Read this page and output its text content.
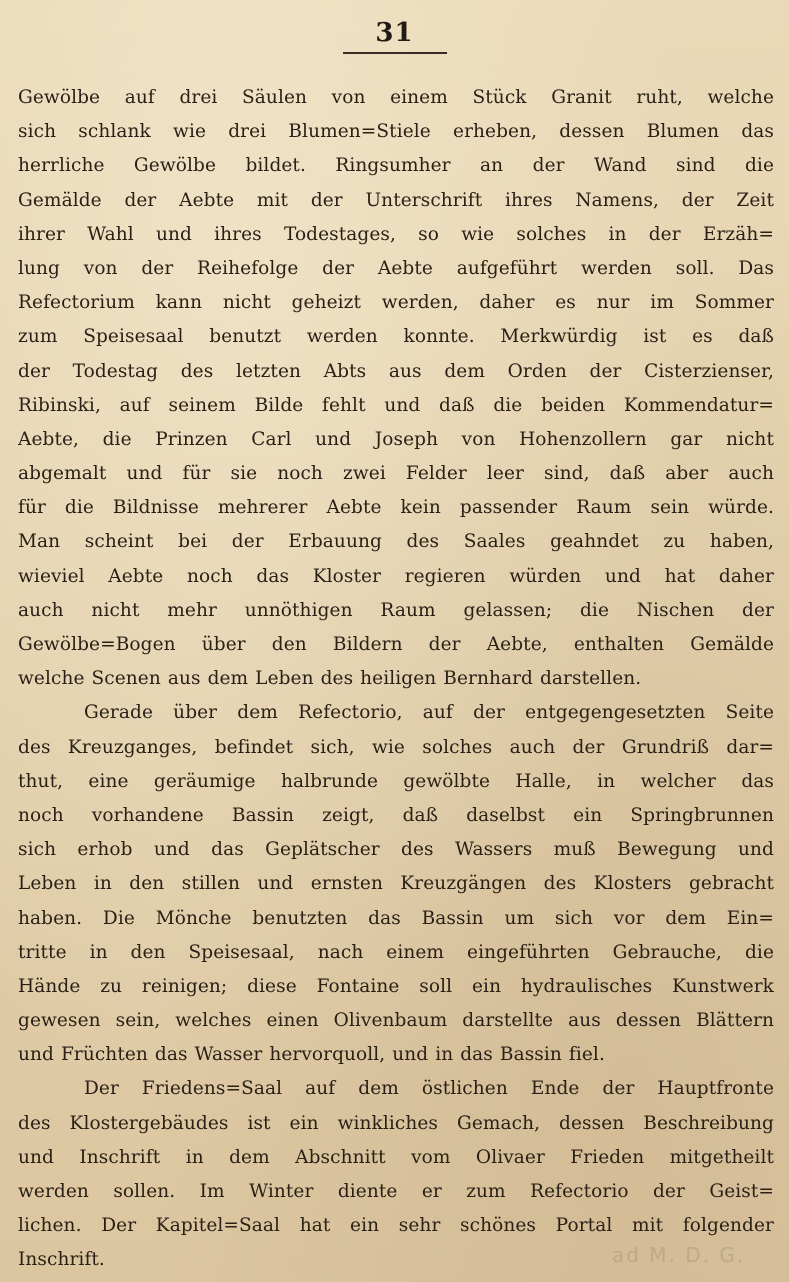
31
Gewölbe auf drei Säulen von einem Stück Granit ruht, welche
sich schlank wie drei Blumen=Stiele erheben, dessen Blumen das
herrliche Gewölbe bildet. Ringsumher an der Wand sind die
Gemälde der Aebte mit der Unterschrift ihres Namens, der Zeit
ihrer Wahl und ihres Todestages, so wie solches in der Erzäh=
lung von der Reihefolge der Aebte aufgeführt werden soll. Das
Refectorium kann nicht geheizt werden, daher es nur im Sommer
zum Speisesaal benutzt werden konnte. Merkwürdig ist es daß
der Todestag des letzten Abts aus dem Orden der Cisterzienser,
Ribinski, auf seinem Bilde fehlt und daß die beiden Kommendatur=
Aebte, die Prinzen Carl und Joseph von Hohenzollern gar nicht
abgemalt und für sie noch zwei Felder leer sind, daß aber auch
für die Bildnisse mehrerer Aebte kein passender Raum sein würde.
Man scheint bei der Erbauung des Saales geahndet zu haben,
wieviel Aebte noch das Kloster regieren würden und hat daher
auch nicht mehr unnöthigen Raum gelassen; die Nischen der
Gewölbe=Bogen über den Bildern der Aebte, enthalten Gemälde
welche Scenen aus dem Leben des heiligen Bernhard darstellen.
Gerade über dem Refectorio, auf der entgegengesetzten Seite
des Kreuzganges, befindet sich, wie solches auch der Grundriß dar=
thut, eine geräumige halbrunde gewölbte Halle, in welcher das
noch vorhandene Bassin zeigt, daß daselbst ein Springbrunnen
sich erhob und das Geplätscher des Wassers muß Bewegung und
Leben in den stillen und ernsten Kreuzgängen des Klosters gebracht
haben. Die Mönche benutzten das Bassin um sich vor dem Ein=
tritte in den Speisesaal, nach einem eingeführten Gebrauche, die
Hände zu reinigen; diese Fontaine soll ein hydraulisches Kunstwerk
gewesen sein, welches einen Olivenbaum darstellte aus dessen Blättern
und Früchten das Wasser hervorquoll, und in das Bassin fiel.
Der Friedens=Saal auf dem östlichen Ende der Hauptfronte
des Klostergebäudes ist ein winkliches Gemach, dessen Beschreibung
und Inschrift in dem Abschnitt vom Olivaer Frieden mitgetheilt
werden sollen. Im Winter diente er zum Refectorio der Geist=
lichen. Der Kapitel=Saal hat ein sehr schönes Portal mit folgender
Inschrift.	ad M. D. G.
